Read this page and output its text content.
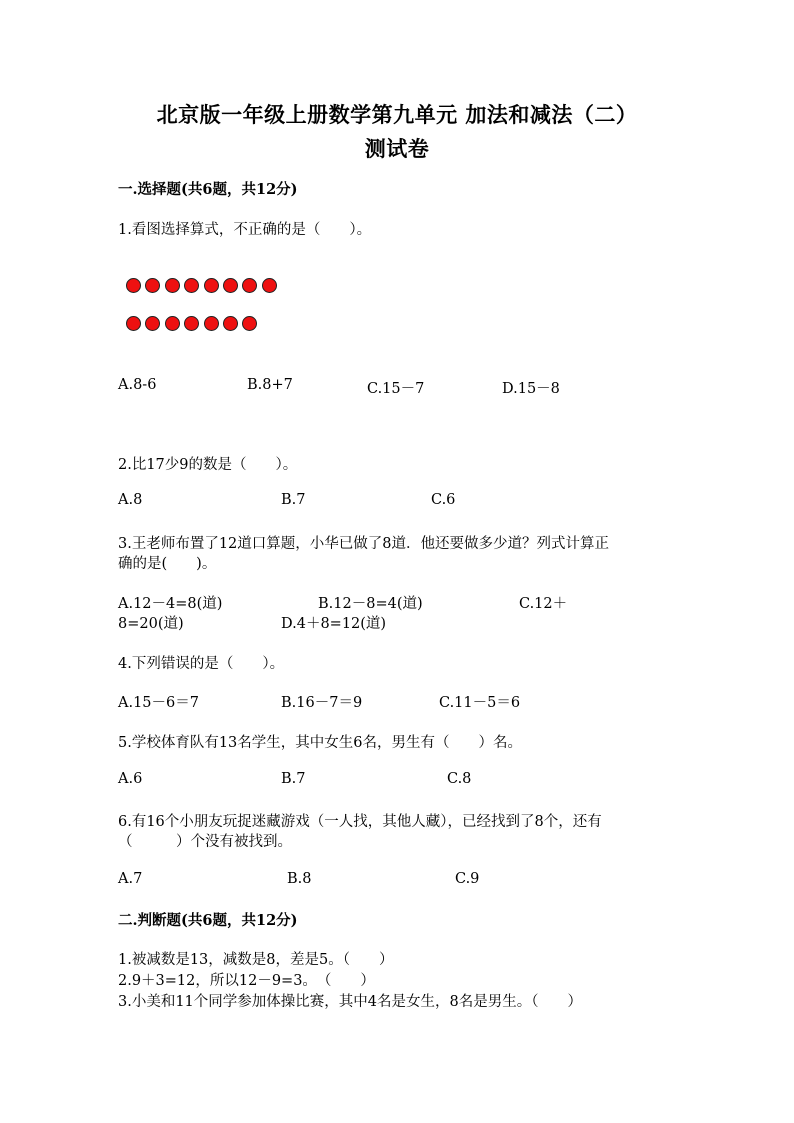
北京版一年级上册数学第九单元 加法和减法（二）
测试卷
一.选择题(共6题，共12分)
1.看图选择算式，不正确的是（　　）。
A.8-6	B.8+7	C.15－7	D.15－8
2.比17少9的数是（　　）。
A.8	B.7	C.6
3.王老师布置了12道口算题，小华已做了8道．他还要做多少道？列式计算正
确的是(　　)。
A.12－4=8(道)	B.12－8=4(道)	C.12＋
8=20(道)	D.4＋8=12(道)
4.下列错误的是（　　）。
A.15－6＝7	B.16－7＝9	C.11－5＝6
5.学校体育队有13名学生，其中女生6名，男生有（　　）名。
A.6	B.7	C.8
6.有16个小朋友玩捉迷藏游戏（一人找，其他人藏），已经找到了8个，还有
（　　　）个没有被找到。
A.7	B.8	C.9
二.判断题(共6题，共12分)
1.被减数是13，减数是8，差是5。（　　）
2.9＋3=12，所以12－9=3。　（　　）
3.小美和11个同学参加体操比赛，其中4名是女生，8名是男生。（　　）
